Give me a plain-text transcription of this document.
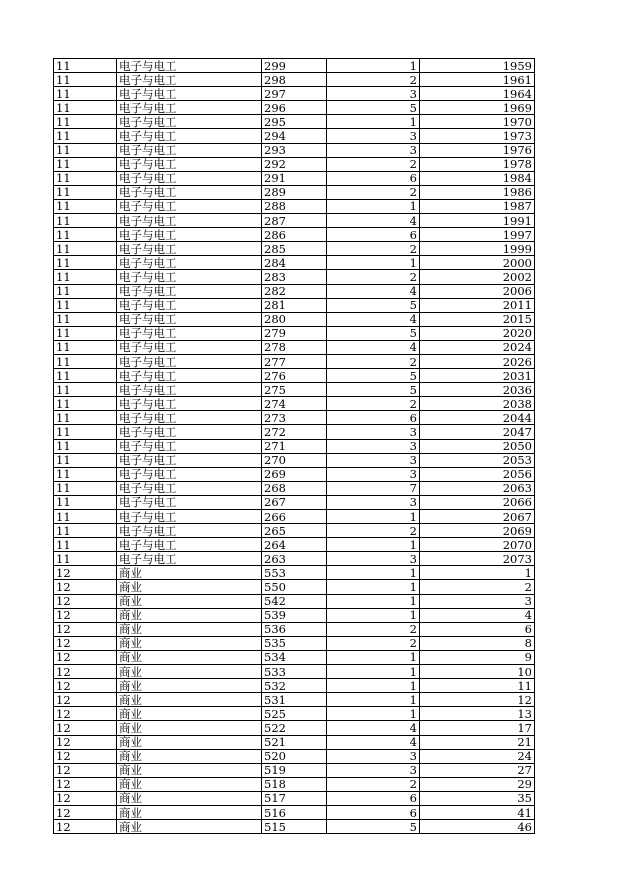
11	电子与电工	299	1	1959
11	电子与电工	298	2	1961
11	电子与电工	297	3	1964
11	电子与电工	296	5	1969
11	电子与电工	295	1	1970
11	电子与电工	294	3	1973
11	电子与电工	293	3	1976
11	电子与电工	292	2	1978
11	电子与电工	291	6	1984
11	电子与电工	289	2	1986
11	电子与电工	288	1	1987
11	电子与电工	287	4	1991
11	电子与电工	286	6	1997
11	电子与电工	285	2	1999
11	电子与电工	284	1	2000
11	电子与电工	283	2	2002
11	电子与电工	282	4	2006
11	电子与电工	281	5	2011
11	电子与电工	280	4	2015
11	电子与电工	279	5	2020
11	电子与电工	278	4	2024
11	电子与电工	277	2	2026
11	电子与电工	276	5	2031
11	电子与电工	275	5	2036
11	电子与电工	274	2	2038
11	电子与电工	273	6	2044
11	电子与电工	272	3	2047
11	电子与电工	271	3	2050
11	电子与电工	270	3	2053
11	电子与电工	269	3	2056
11	电子与电工	268	7	2063
11	电子与电工	267	3	2066
11	电子与电工	266	1	2067
11	电子与电工	265	2	2069
11	电子与电工	264	1	2070
11	电子与电工	263	3	2073
12	商业	553	1	1
12	商业	550	1	2
12	商业	542	1	3
12	商业	539	1	4
12	商业	536	2	6
12	商业	535	2	8
12	商业	534	1	9
12	商业	533	1	10
12	商业	532	1	11
12	商业	531	1	12
12	商业	525	1	13
12	商业	522	4	17
12	商业	521	4	21
12	商业	520	3	24
12	商业	519	3	27
12	商业	518	2	29
12	商业	517	6	35
12	商业	516	6	41
12	商业	515	5	46
